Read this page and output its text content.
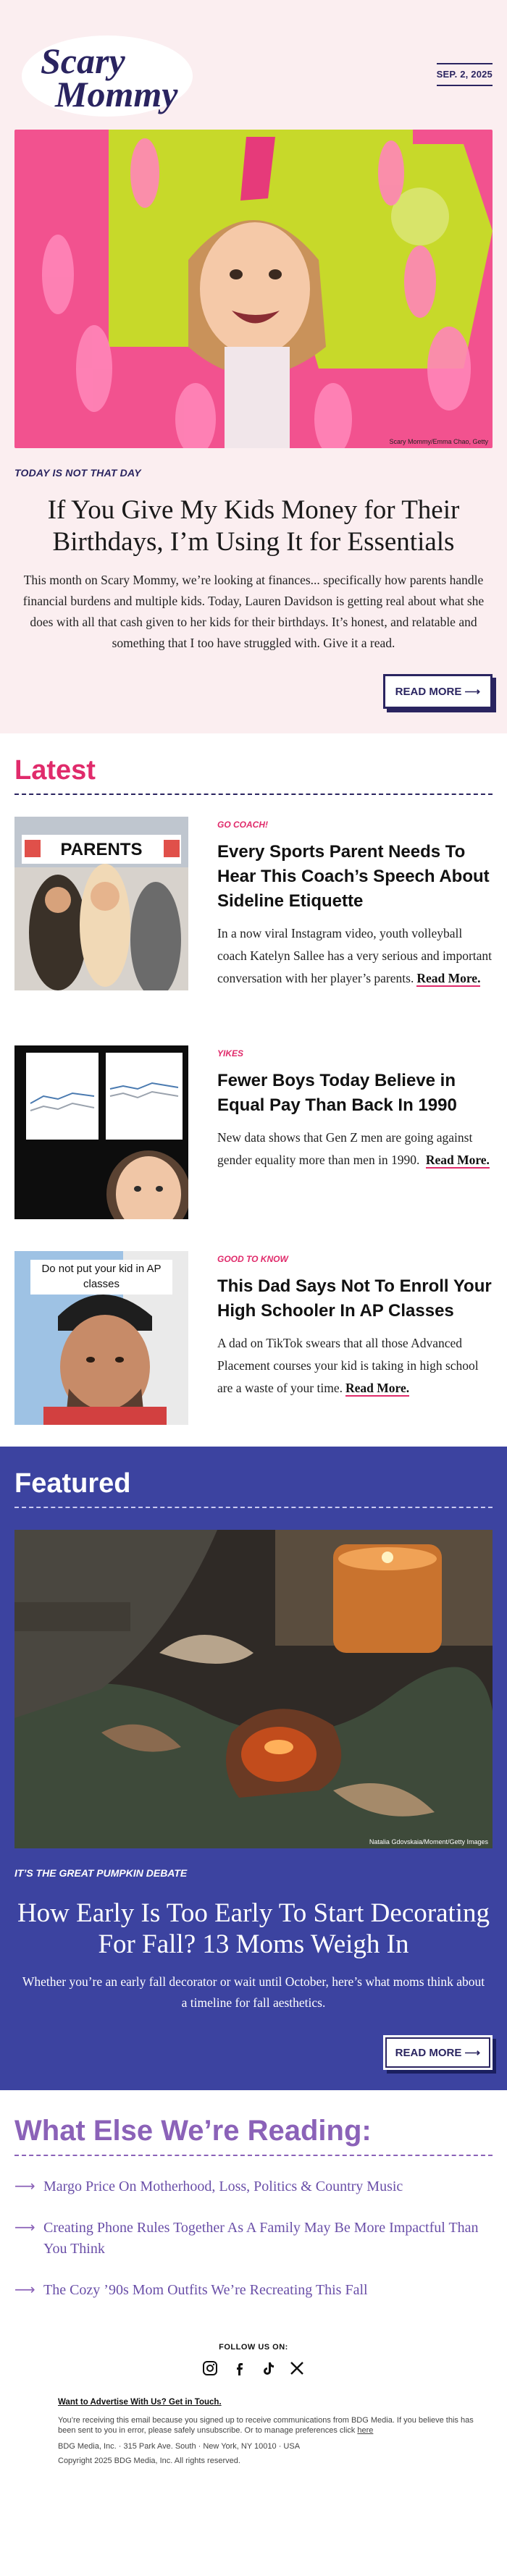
Scary
Mommy	SEP. 2, 2025
Scary Mommy/Emma Chao, Getty
TODAY IS NOT THAT DAY
If You Give My Kids Money for Their Birthdays, I’m Using It for Essentials

This month on Scary Mommy, we’re looking at finances... specifically how parents handle financial burdens and multiple kids. Today, Lauren Davidson is getting real about what she does with all that cash given to her kids for their birthdays. It’s honest, and relatable and something that I too have struggled with. Give it a read.

READ MORE ⟶
Latest
PARENTS
GO COACH!
Every Sports Parent Needs To Hear This Coach’s Speech About Sideline Etiquette

In a now viral Instagram video, youth volleyball coach Katelyn Sallee has a very serious and important conversation with her player’s parents. Read More.

YIKES
Fewer Boys Today Believe in Equal Pay Than Back In 1990

New data shows that Gen Z men are going against gender equality more than men in 1990. Read More.

Do not put your kid in AP classes
GOOD TO KNOW
This Dad Says Not To Enroll Your High Schooler In AP Classes

A dad on TikTok swears that all those Advanced Placement courses your kid is taking in high school are a waste of your time. Read More.

Featured
Natalia Gdovskaia/Moment/Getty Images
IT’S THE GREAT PUMPKIN DEBATE
How Early Is Too Early To Start Decorating For Fall? 13 Moms Weigh In

Whether you’re an early fall decorator or wait until October, here’s what moms think about a timeline for fall aesthetics.

READ MORE ⟶
What Else We’re Reading:
⟶ Margo Price On Motherhood, Loss, Politics & Country Music
⟶ Creating Phone Rules Together As A Family May Be More Impactful Than You Think
⟶ The Cozy ’90s Mom Outfits We’re Recreating This Fall
FOLLOW US ON:
Want to Advertise With Us? Get in Touch.

You’re receiving this email because you signed up to receive communications from BDG Media. If you believe this has been sent to you in error, please safely unsubscribe. Or to manage preferences click here

BDG Media, Inc. · 315 Park Ave. South · New York, NY 10010 · USA

Copyright 2025 BDG Media, Inc. All rights reserved.
